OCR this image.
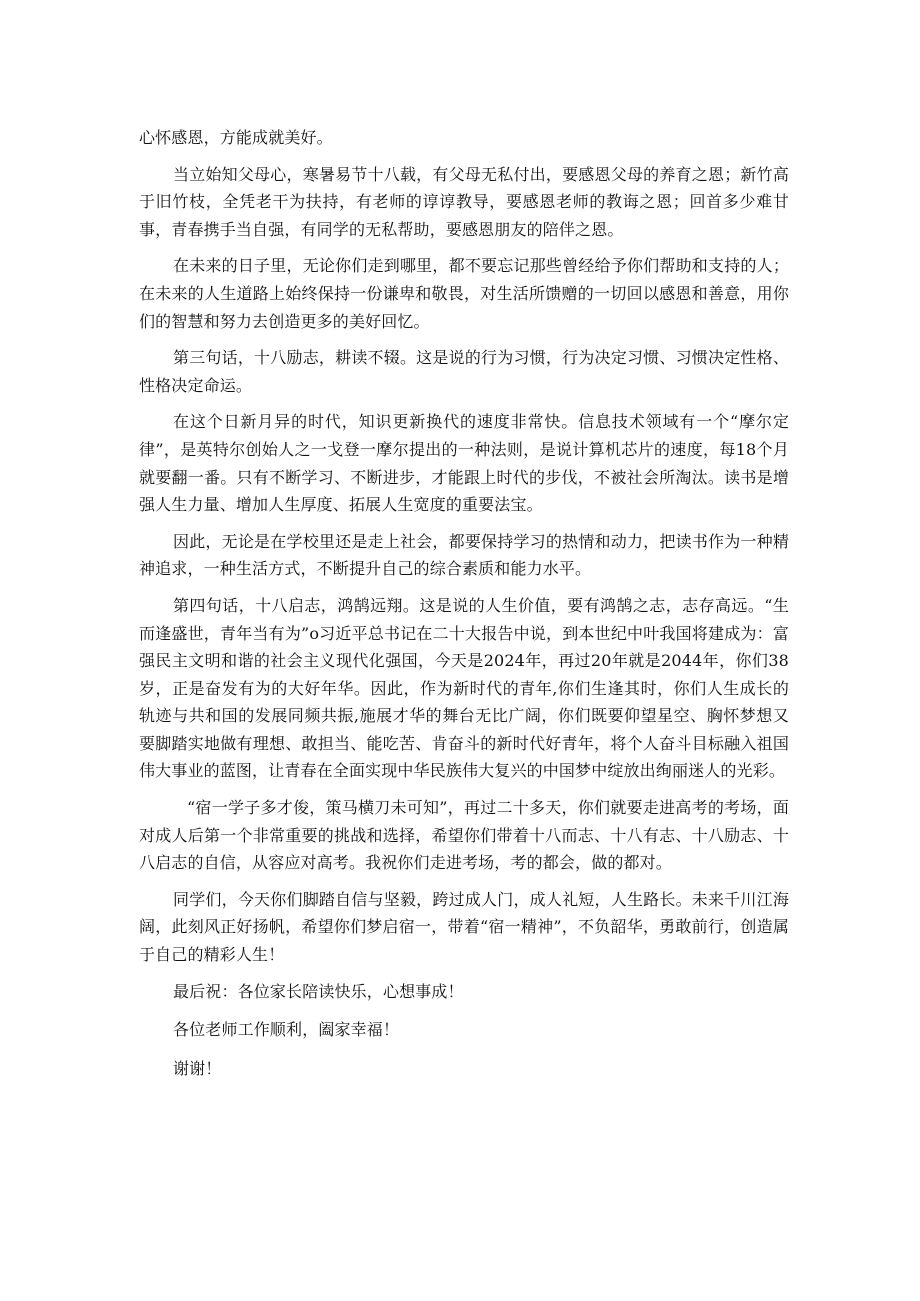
心怀感恩，方能成就美好。

当立始知父母心，寒暑易节十八载，有父母无私付出，要感恩父母的养育之恩；新竹高于旧竹枝，全凭老干为扶持，有老师的谆谆教导，要感恩老师的教诲之恩；回首多少难甘事，青春携手当自强，有同学的无私帮助，要感恩朋友的陪伴之恩。

在未来的日子里，无论你们走到哪里，都不要忘记那些曾经给予你们帮助和支持的人；在未来的人生道路上始终保持一份谦卑和敬畏，对生活所馈赠的一切回以感恩和善意，用你们的智慧和努力去创造更多的美好回忆。

第三句话，十八励志，耕读不辍。这是说的行为习惯，行为决定习惯、习惯决定性格、性格决定命运。

在这个日新月异的时代，知识更新换代的速度非常快。信息技术领域有一个“摩尔定律”，是英特尔创始人之一戈登一摩尔提出的一种法则，是说计算机芯片的速度，每18个月就要翻一番。只有不断学习、不断进步，才能跟上时代的步伐，不被社会所淘汰。读书是增强人生力量、增加人生厚度、拓展人生宽度的重要法宝。

因此，无论是在学校里还是走上社会，都要保持学习的热情和动力，把读书作为一种精神追求，一种生活方式，不断提升自己的综合素质和能力水平。

第四句话，十八启志，鸿鹄远翔。这是说的人生价值，要有鸿鹄之志，志存高远。“生而逢盛世，青年当有为”o习近平总书记在二十大报告中说，到本世纪中叶我国将建成为：富强民主文明和谐的社会主义现代化强国，今天是2024年，再过20年就是2044年，你们38岁，正是奋发有为的大好年华。因此，作为新时代的青年,你们生逢其时，你们人生成长的轨迹与共和国的发展同频共振,施展才华的舞台无比广阔，你们既要仰望星空、胸怀梦想又要脚踏实地做有理想、敢担当、能吃苦、肯奋斗的新时代好青年，将个人奋斗目标融入祖国伟大事业的蓝图，让青春在全面实现中华民族伟大复兴的中国梦中绽放出绚丽迷人的光彩。

“宿一学子多才俊，策马横刀未可知”，再过二十多天，你们就要走进高考的考场，面对成人后第一个非常重要的挑战和选择，希望你们带着十八而志、十八有志、十八励志、十八启志的自信，从容应对高考。我祝你们走进考场，考的都会，做的都对。

同学们，今天你们脚踏自信与坚毅，跨过成人门，成人礼短，人生路长。未来千川江海阔，此刻风正好扬帆，希望你们梦启宿一，带着“宿一精神”，不负韶华，勇敢前行，创造属于自己的精彩人生！

最后祝：各位家长陪读快乐，心想事成！

各位老师工作顺利，阖家幸福！

谢谢！
